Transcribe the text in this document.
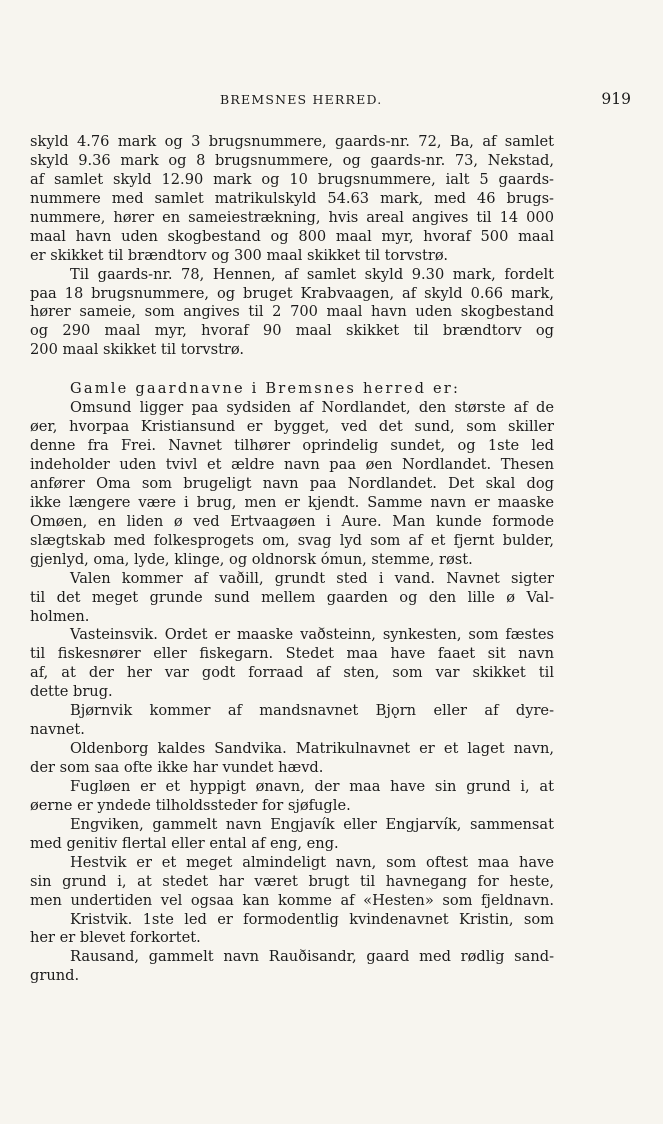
BREMSNES HERRED.	919
skyld 4.76 mark og 3 brugsnummere, gaards-nr. 72, Ba, af samlet
skyld 9.36 mark og 8 brugsnummere, og gaards-nr. 73, Nekstad,
af samlet skyld 12.90 mark og 10 brugsnummere, ialt 5 gaards-
nummere med samlet matrikulskyld 54.63 mark, med 46 brugs-
nummere, hører en sameiestrækning, hvis areal angives til 14 000
maal havn uden skogbestand og 800 maal myr, hvoraf 500 maal
er skikket til brændtorv og 300 maal skikket til torvstrø.
Til gaards-nr. 78, Hennen, af samlet skyld 9.30 mark, fordelt
paa 18 brugsnummere, og bruget Krabvaagen, af skyld 0.66 mark,
hører sameie, som angives til 2 700 maal havn uden skogbestand
og 290 maal myr, hvoraf 90 maal skikket til brændtorv og
200 maal skikket til torvstrø.
Gamle gaardnavne i Bremsnes herred er:
Omsund ligger paa sydsiden af Nordlandet, den største af de
øer, hvorpaa Kristiansund er bygget, ved det sund, som skiller
denne fra Frei. Navnet tilhører oprindelig sundet, og 1ste led
indeholder uden tvivl et ældre navn paa øen Nordlandet. Thesen
anfører Oma som brugeligt navn paa Nordlandet. Det skal dog
ikke længere være i brug, men er kjendt. Samme navn er maaske
Omøen, en liden ø ved Ertvaagøen i Aure. Man kunde formode
slægtskab med folkesprogets om, svag lyd som af et fjernt bulder,
gjenlyd, oma, lyde, klinge, og oldnorsk ómun, stemme, røst.
Valen kommer af vaðill, grundt sted i vand. Navnet sigter
til det meget grunde sund mellem gaarden og den lille ø Val-
holmen.
Vasteinsvik. Ordet er maaske vaðsteinn, synkesten, som fæstes
til fiskesnører eller fiskegarn. Stedet maa have faaet sit navn
af, at der her var godt forraad af sten, som var skikket til
dette brug.
Bjørnvik kommer af mandsnavnet Bjǫrn eller af dyre-
navnet.
Oldenborg kaldes Sandvika. Matrikulnavnet er et laget navn,
der som saa ofte ikke har vundet hævd.
Fugløen er et hyppigt ønavn, der maa have sin grund i, at
øerne er yndede tilholdssteder for sjøfugle.
Engviken, gammelt navn Engjavík eller Engjarvík, sammensat
med genitiv flertal eller ental af eng, eng.
Hestvik er et meget almindeligt navn, som oftest maa have
sin grund i, at stedet har været brugt til havnegang for heste,
men undertiden vel ogsaa kan komme af «Hesten» som fjeldnavn.
Kristvik. 1ste led er formodentlig kvindenavnet Kristin, som
her er blevet forkortet.
Rausand, gammelt navn Rauðisandr, gaard med rødlig sand-
grund.
